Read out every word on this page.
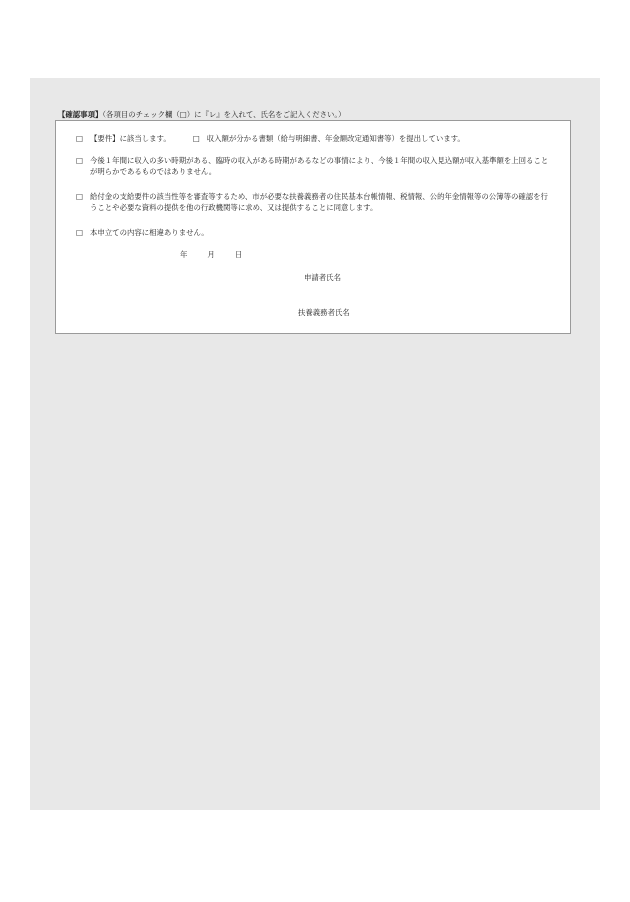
【確認事項】（各項目のチェック欄（□）に『レ』を入れて、氏名をご記入ください。）
□ 【要件】に該当します。	□ 収入額が分かる書類（給与明細書、年金額改定通知書等）を提出しています。
□ 今後１年間に収入の多い時期がある、臨時の収入がある時期があるなどの事情により、今後１年間の収入見込額が収入基準額を上回ることが明らかであるものではありません。
□ 給付金の支給要件の該当性等を審査等するため、市が必要な扶養義務者の住民基本台帳情報、税情報、公的年金情報等の公簿等の確認を行うことや必要な資料の提供を他の行政機関等に求め、又は提供することに同意します。
□ 本申立ての内容に相違ありません。
年	月	日
申請者氏名
扶養義務者氏名
